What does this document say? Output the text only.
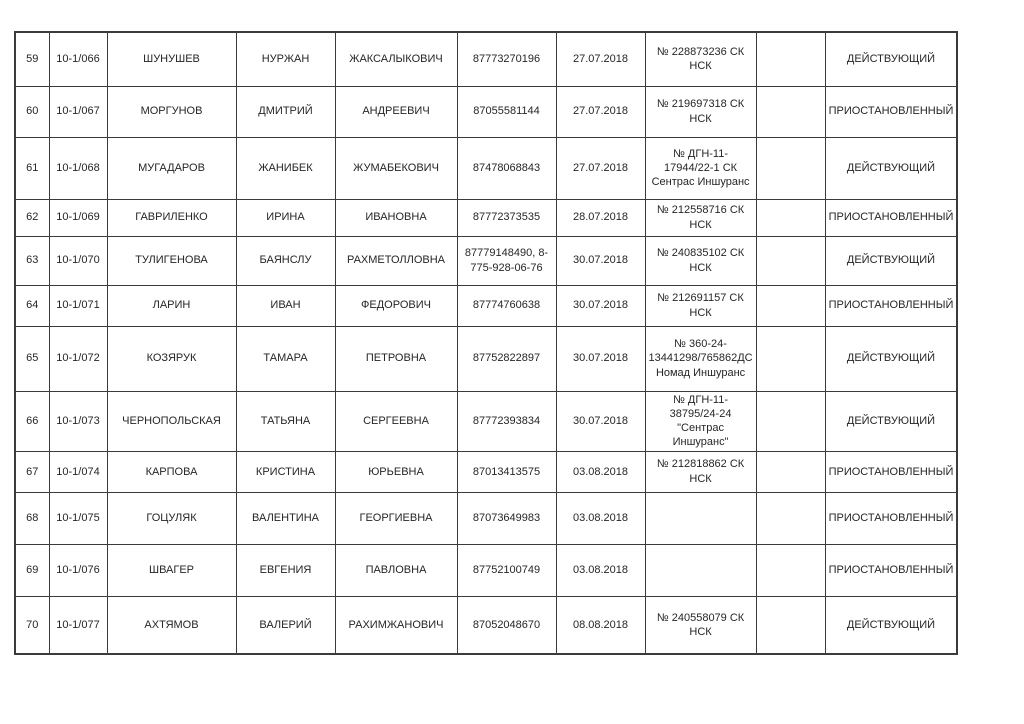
59	10-1/066	ШУНУШЕВ	НУРЖАН	ЖАКСАЛЫКОВИЧ	87773270196	27.07.2018	№ 228873236 СК НСК		ДЕЙСТВУЮЩИЙ
60	10-1/067	МОРГУНОВ	ДМИТРИЙ	АНДРЕЕВИЧ	87055581144	27.07.2018	№ 219697318 СК НСК		ПРИОСТАНОВЛЕННЫЙ
61	10-1/068	МУГАДАРОВ	ЖАНИБЕК	ЖУМАБЕКОВИЧ	87478068843	27.07.2018	№ ДГН-11-17944/22-1 СК Сентрас Иншуранс		ДЕЙСТВУЮЩИЙ
62	10-1/069	ГАВРИЛЕНКО	ИРИНА	ИВАНОВНА	87772373535	28.07.2018	№ 212558716 СК НСК		ПРИОСТАНОВЛЕННЫЙ
63	10-1/070	ТУЛИГЕНОВА	БАЯНСЛУ	РАХМЕТОЛЛОВНА	87779148490, 8-775-928-06-76	30.07.2018	№ 240835102 СК НСК		ДЕЙСТВУЮЩИЙ
64	10-1/071	ЛАРИН	ИВАН	ФЕДОРОВИЧ	87774760638	30.07.2018	№ 212691157 СК НСК		ПРИОСТАНОВЛЕННЫЙ
65	10-1/072	КОЗЯРУК	ТАМАРА	ПЕТРОВНА	87752822897	30.07.2018	№ 360-24-13441298/765862ДС Номад Иншуранс		ДЕЙСТВУЮЩИЙ
66	10-1/073	ЧЕРНОПОЛЬСКАЯ	ТАТЬЯНА	СЕРГЕЕВНА	87772393834	30.07.2018	№ ДГН-11-38795/24-24 "Сентрас Иншуранс"		ДЕЙСТВУЮЩИЙ
67	10-1/074	КАРПОВА	КРИСТИНА	ЮРЬЕВНА	87013413575	03.08.2018	№ 212818862 СК НСК		ПРИОСТАНОВЛЕННЫЙ
68	10-1/075	ГОЦУЛЯК	ВАЛЕНТИНА	ГЕОРГИЕВНА	87073649983	03.08.2018			ПРИОСТАНОВЛЕННЫЙ
69	10-1/076	ШВАГЕР	ЕВГЕНИЯ	ПАВЛОВНА	87752100749	03.08.2018			ПРИОСТАНОВЛЕННЫЙ
70	10-1/077	АХТЯМОВ	ВАЛЕРИЙ	РАХИМЖАНОВИЧ	87052048670	08.08.2018	№ 240558079 СК НСК		ДЕЙСТВУЮЩИЙ
